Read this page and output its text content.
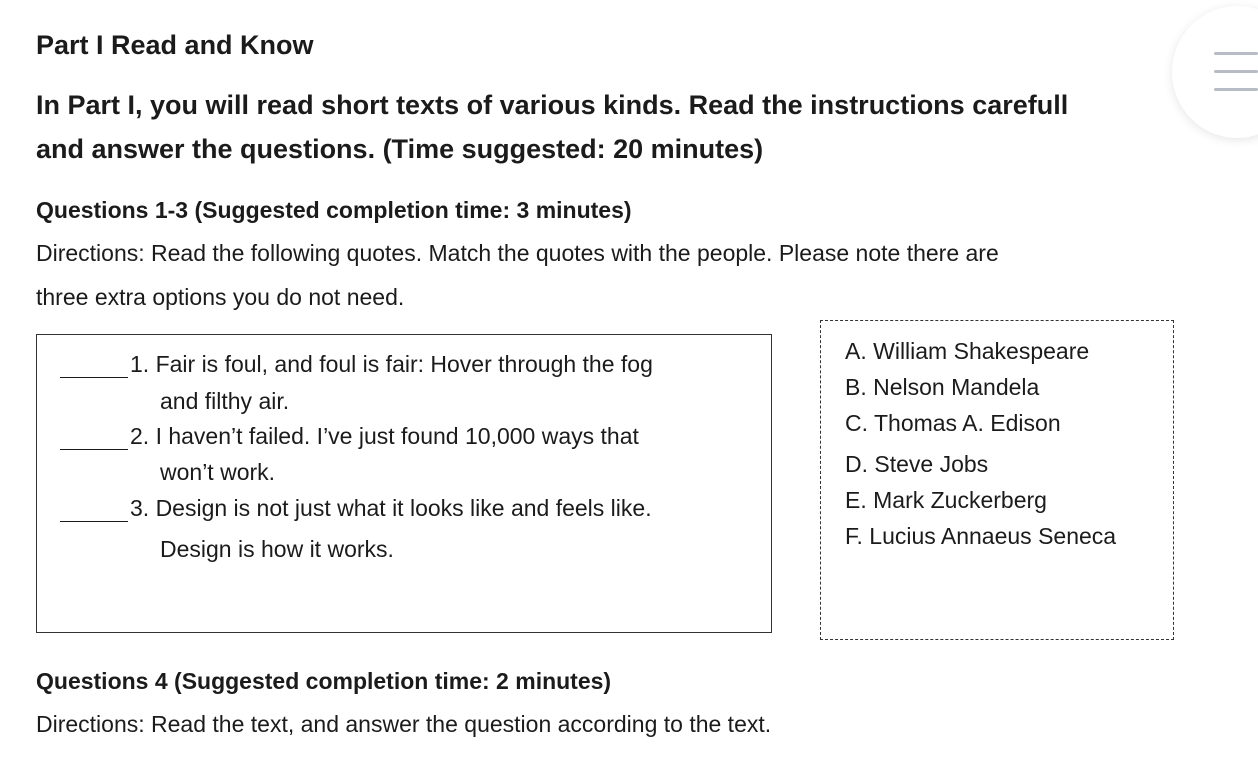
Part I Read and Know
In Part I, you will read short texts of various kinds. Read the instructions carefull
and answer the questions. (Time suggested: 20 minutes)
Questions 1-3 (Suggested completion time: 3 minutes)
Directions: Read the following quotes. Match the quotes with the people. Please note there are
three extra options you do not need.
1. Fair is foul, and foul is fair: Hover through the fog
and filthy air.
2. I haven’t failed. I’ve just found 10,000 ways that
won’t work.
3. Design is not just what it looks like and feels like.
Design is how it works.
A. William Shakespeare
B. Nelson Mandela
C. Thomas A. Edison
D. Steve Jobs
E. Mark Zuckerberg
F. Lucius Annaeus Seneca
Questions 4 (Suggested completion time: 2 minutes)
Directions: Read the text, and answer the question according to the text.
